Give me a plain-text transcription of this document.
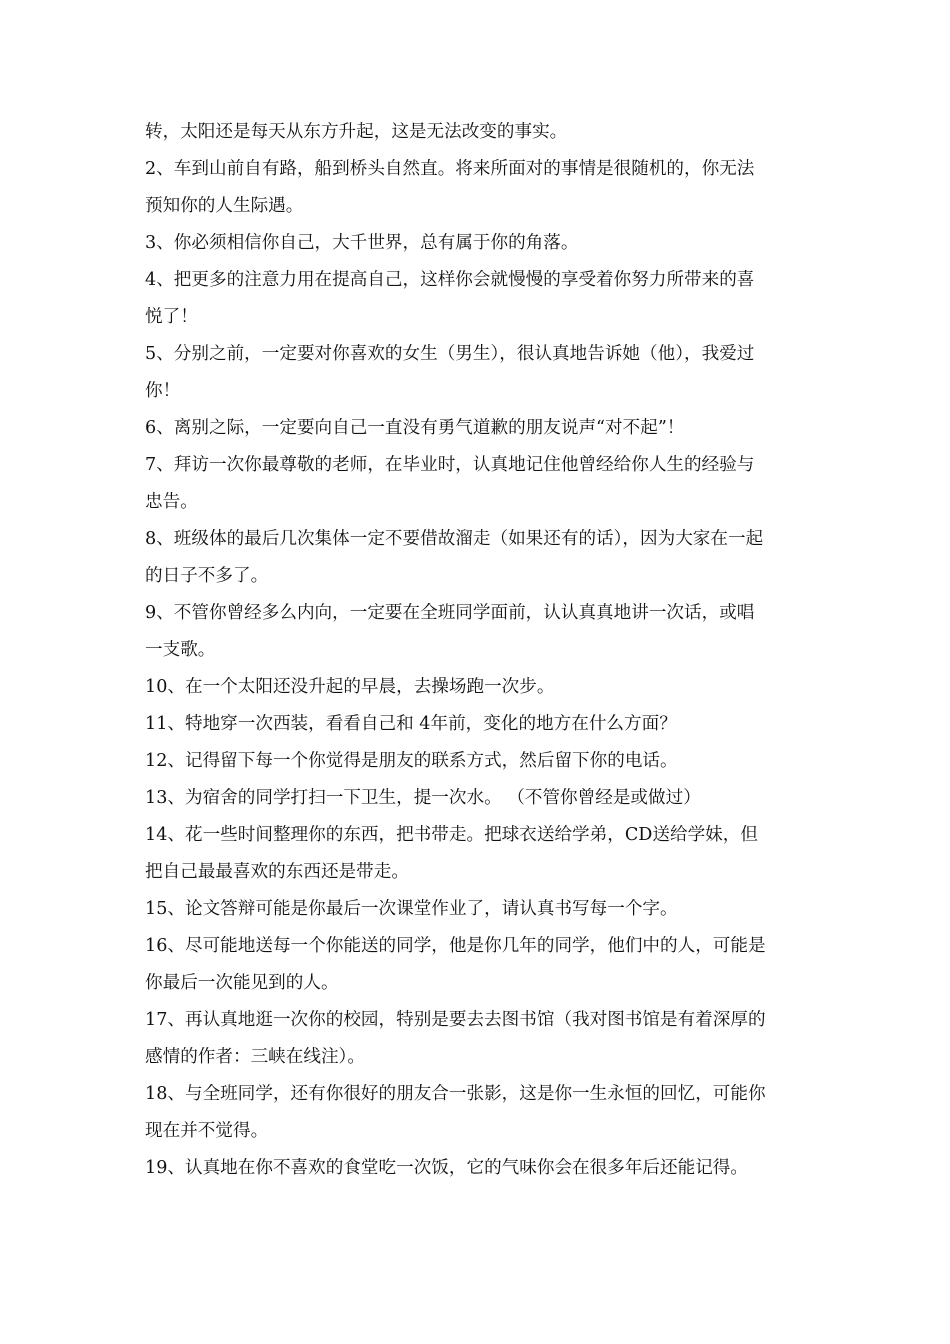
转，太阳还是每天从东方升起，这是无法改变的事实。
2、车到山前自有路，船到桥头自然直。将来所面对的事情是很随机的，你无法
预知你的人生际遇。
3、你必须相信你自己，大千世界，总有属于你的角落。
4、把更多的注意力用在提高自己，这样你会就慢慢的享受着你努力所带来的喜
悦了！
5、分别之前，一定要对你喜欢的女生（男生），很认真地告诉她（他），我爱过
你！
6、离别之际，一定要向自己一直没有勇气道歉的朋友说声“对不起”！
7、拜访一次你最尊敬的老师，在毕业时，认真地记住他曾经给你人生的经验与
忠告。
8、班级体的最后几次集体一定不要借故溜走（如果还有的话），因为大家在一起
的日子不多了。
9、不管你曾经多么内向，一定要在全班同学面前，认认真真地讲一次话，或唱
一支歌。
10、在一个太阳还没升起的早晨，去操场跑一次步。
11、特地穿一次西装，看看自己和 4年前，变化的地方在什么方面？
12、记得留下每一个你觉得是朋友的联系方式，然后留下你的电话。
13、为宿舍的同学打扫一下卫生，提一次水。 （不管你曾经是或做过）
14、花一些时间整理你的东西，把书带走。把球衣送给学弟，CD送给学妹，但
把自己最最喜欢的东西还是带走。
15、论文答辩可能是你最后一次课堂作业了，请认真书写每一个字。
16、尽可能地送每一个你能送的同学，他是你几年的同学，他们中的人，可能是
你最后一次能见到的人。
17、再认真地逛一次你的校园，特别是要去去图书馆（我对图书馆是有着深厚的
感情的作者：三峡在线注）。
18、与全班同学，还有你很好的朋友合一张影，这是你一生永恒的回忆，可能你
现在并不觉得。
19、认真地在你不喜欢的食堂吃一次饭，它的气味你会在很多年后还能记得。
